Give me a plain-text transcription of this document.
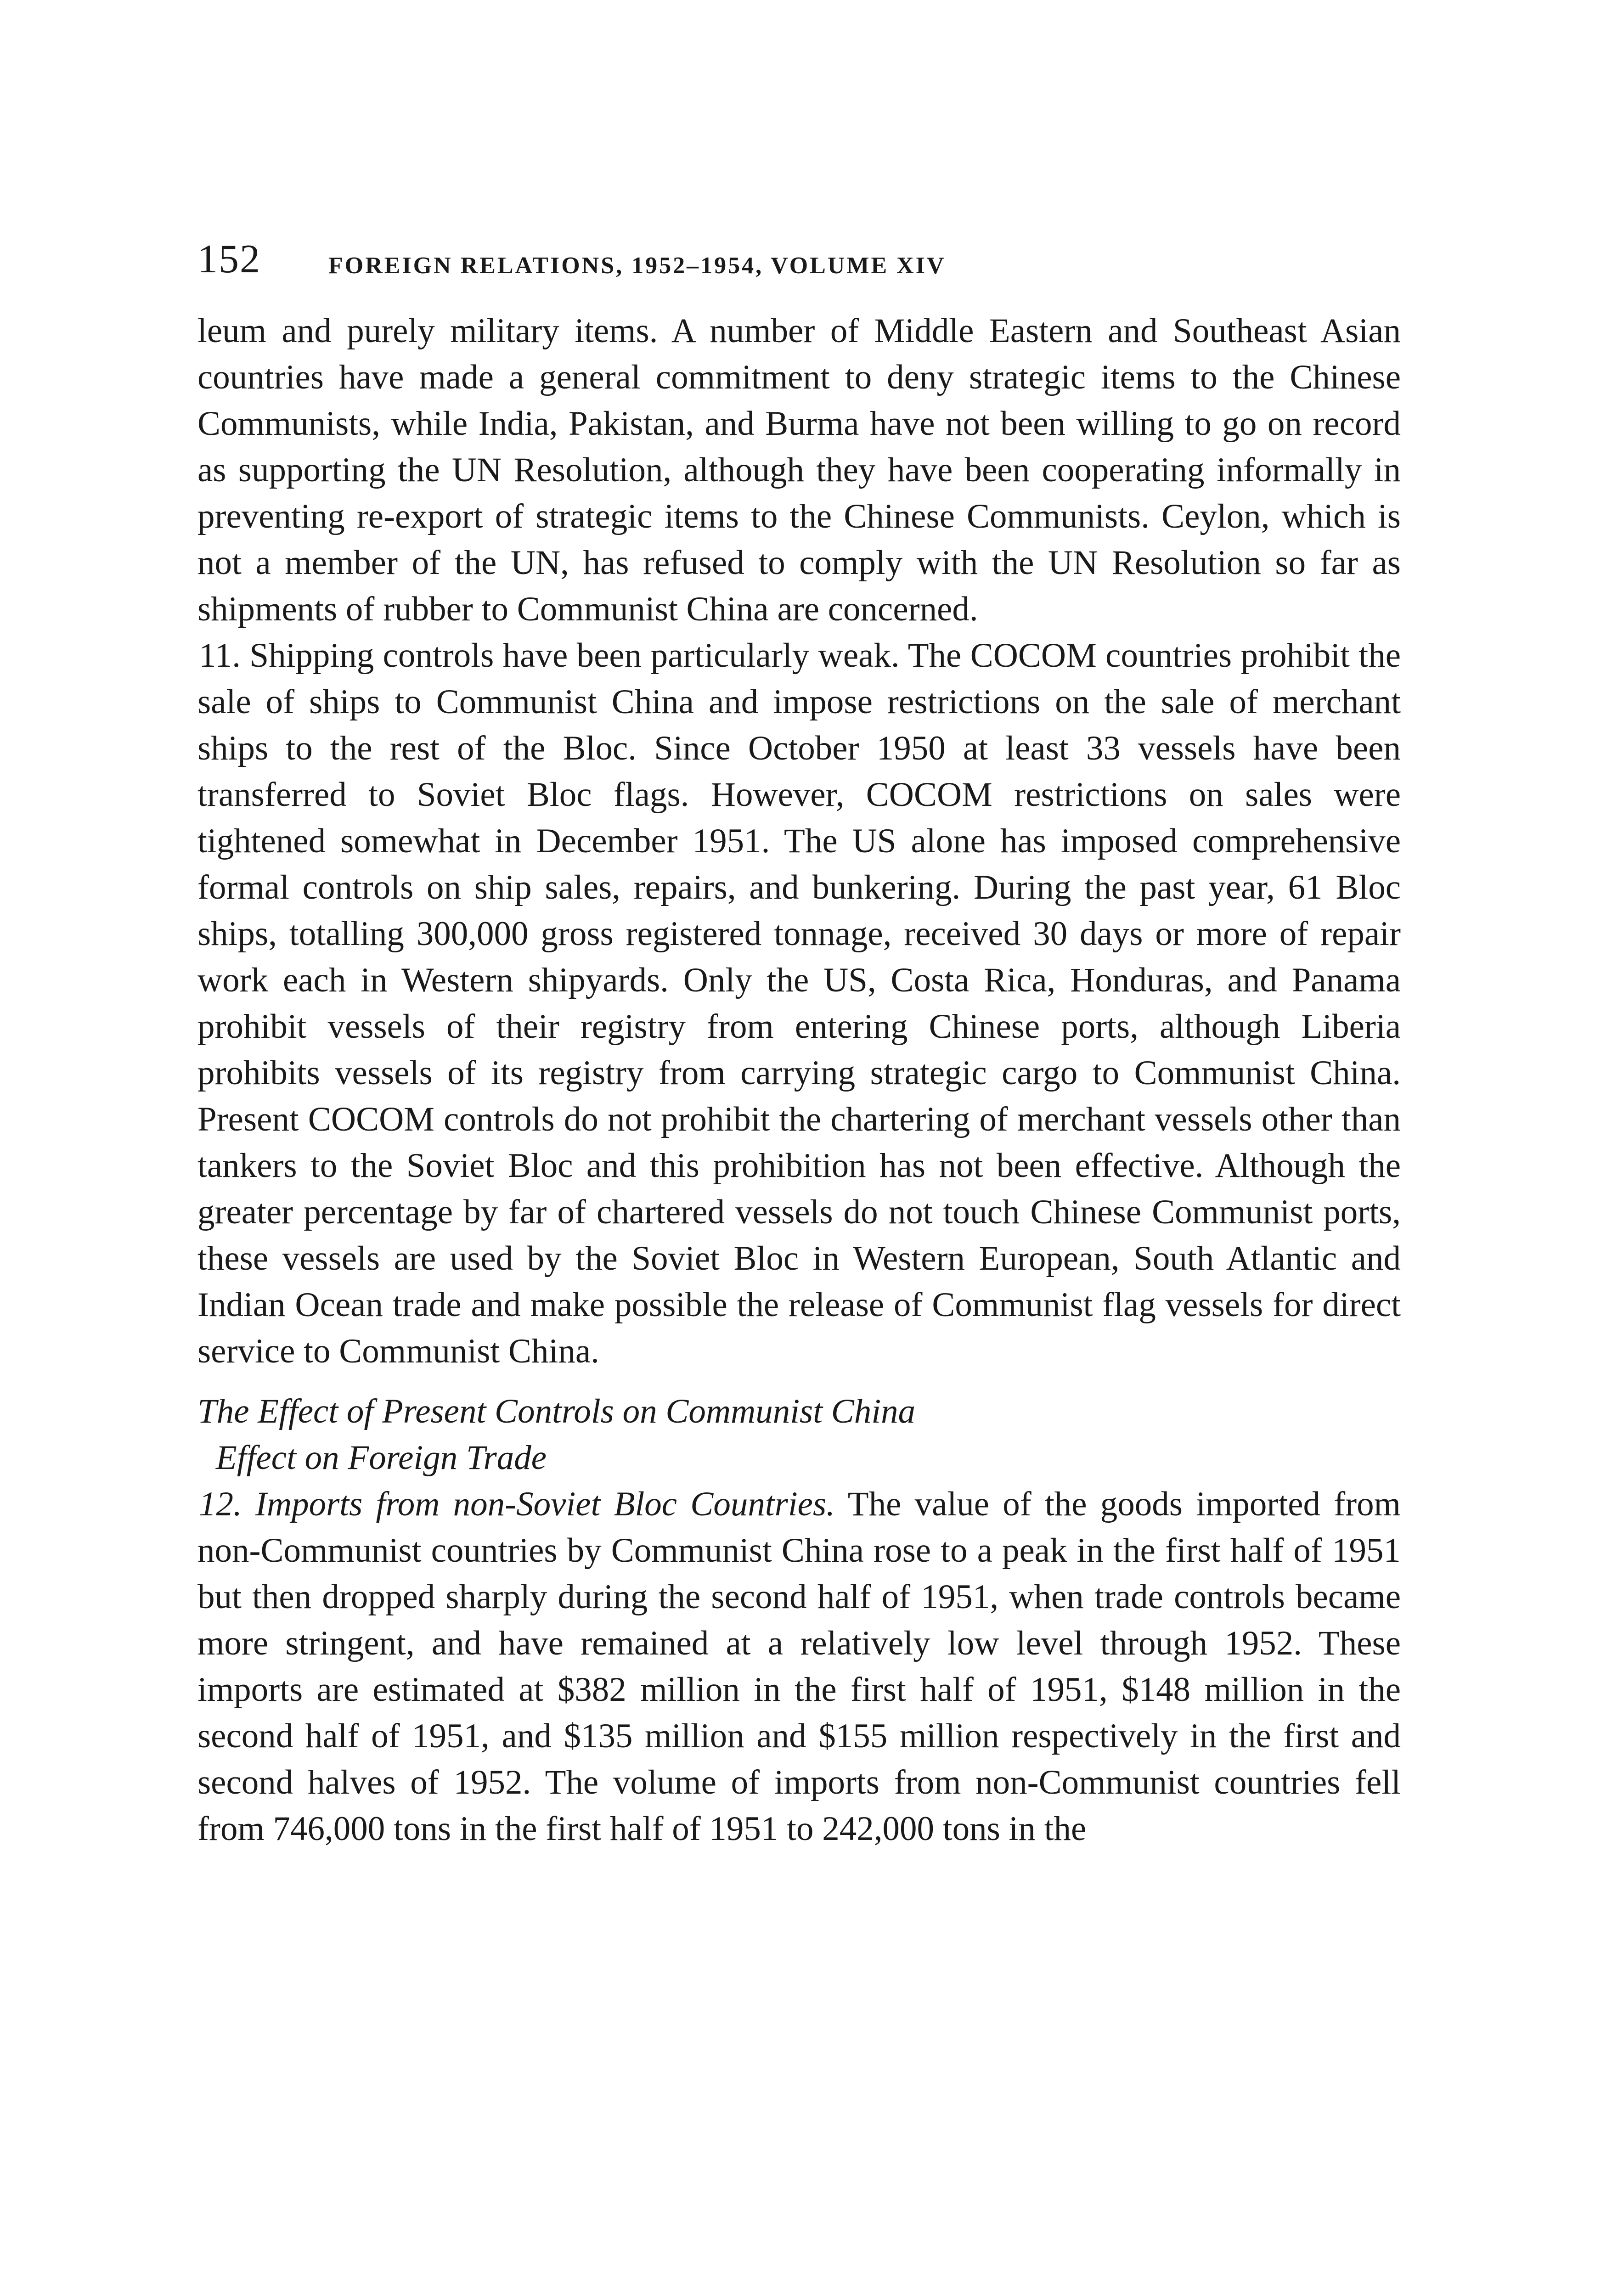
152	FOREIGN RELATIONS, 1952–1954, VOLUME XIV

leum and purely military items. A number of Middle Eastern and Southeast Asian countries have made a general commitment to deny strategic items to the Chinese Communists, while India, Pakistan, and Burma have not been willing to go on record as supporting the UN Resolution, although they have been cooperating informally in preventing re-export of strategic items to the Chinese Communists. Ceylon, which is not a member of the UN, has refused to comply with the UN Resolution so far as shipments of rubber to Communist China are concerned.

11. Shipping controls have been particularly weak. The COCOM countries prohibit the sale of ships to Communist China and impose restrictions on the sale of merchant ships to the rest of the Bloc. Since October 1950 at least 33 vessels have been transferred to Soviet Bloc flags. However, COCOM restrictions on sales were tightened somewhat in December 1951. The US alone has imposed comprehensive formal controls on ship sales, repairs, and bunkering. During the past year, 61 Bloc ships, totalling 300,000 gross registered tonnage, received 30 days or more of repair work each in Western shipyards. Only the US, Costa Rica, Honduras, and Panama prohibit vessels of their registry from entering Chinese ports, although Liberia prohibits vessels of its registry from carrying strategic cargo to Communist China. Present COCOM controls do not prohibit the chartering of merchant vessels other than tankers to the Soviet Bloc and this prohibition has not been effective. Although the greater percentage by far of chartered vessels do not touch Chinese Communist ports, these vessels are used by the Soviet Bloc in Western European, South Atlantic and Indian Ocean trade and make possible the release of Communist flag vessels for direct service to Communist China.

The Effect of Present Controls on Communist China

Effect on Foreign Trade

12. Imports from non-Soviet Bloc Countries. The value of the goods imported from non-Communist countries by Communist China rose to a peak in the first half of 1951 but then dropped sharply during the second half of 1951, when trade controls became more stringent, and have remained at a relatively low level through 1952. These imports are estimated at $382 million in the first half of 1951, $148 million in the second half of 1951, and $135 million and $155 million respectively in the first and second halves of 1952. The volume of imports from non-Communist countries fell from 746,000 tons in the first half of 1951 to 242,000 tons in the
